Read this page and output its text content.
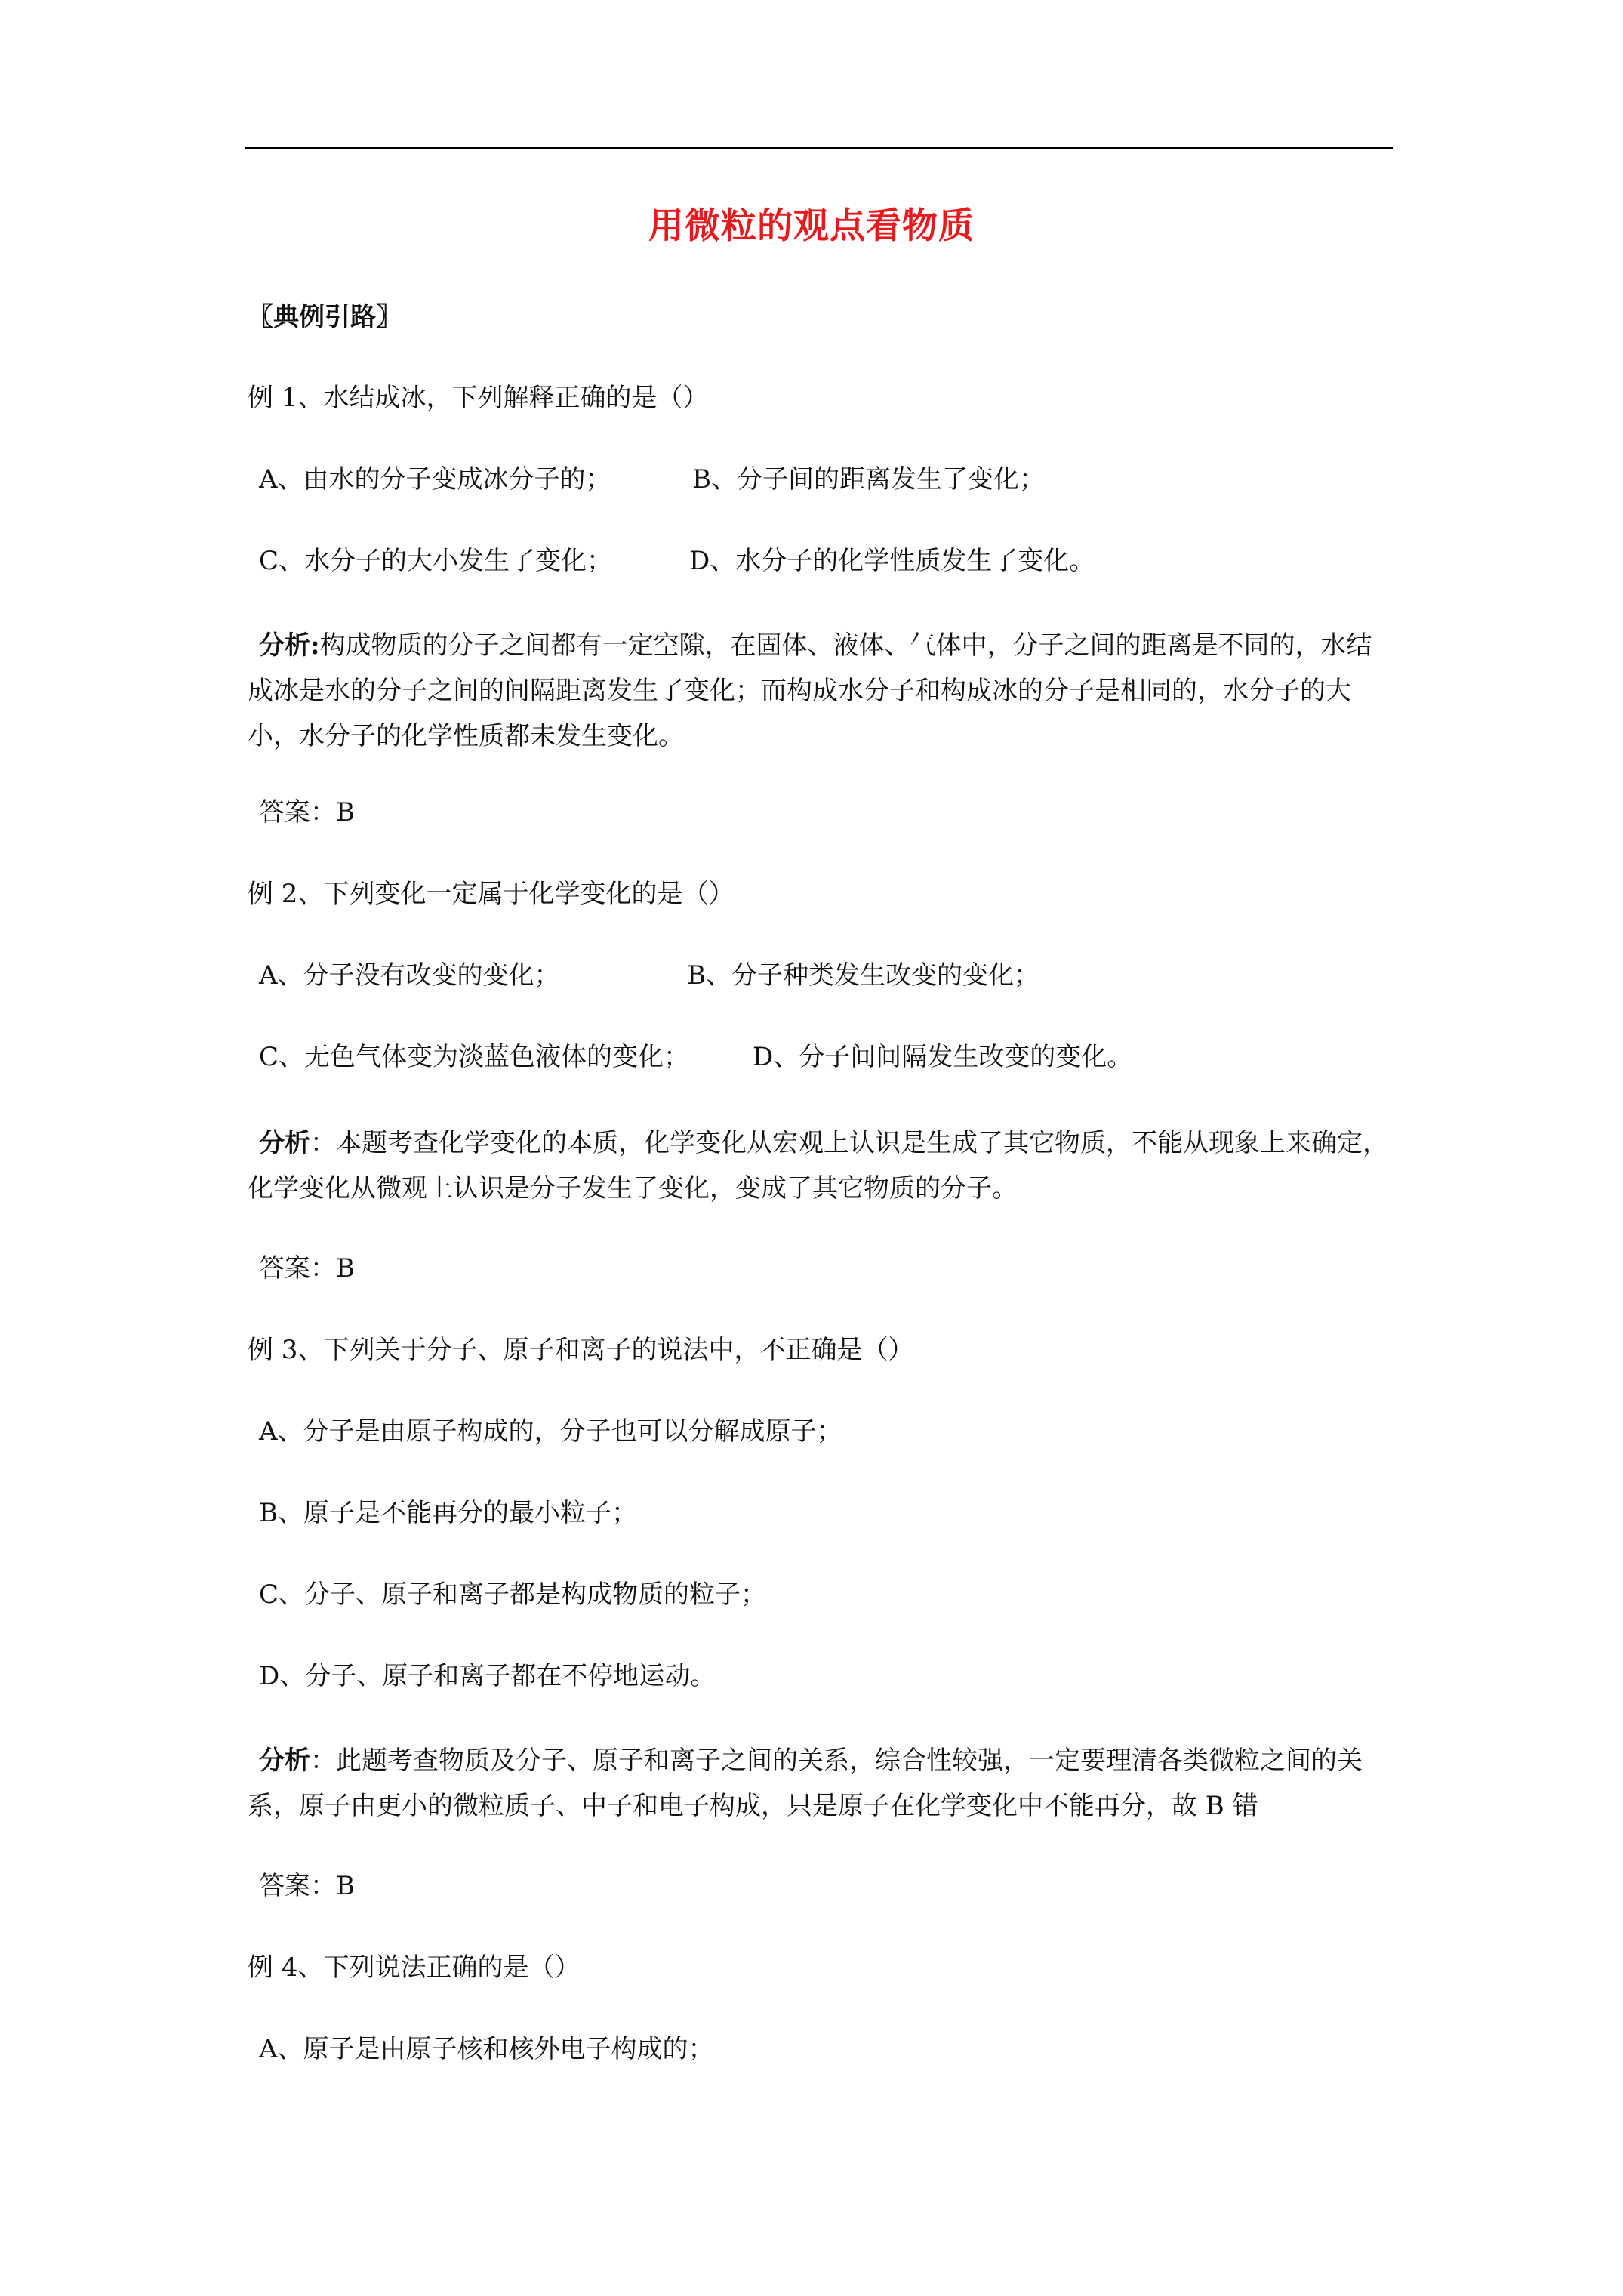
用微粒的观点看物质
〖典例引路〗
例 1、水结成冰，下列解释正确的是（）
A、由水的分子变成冰分子的；	B、分子间的距离发生了变化；
C、水分子的大小发生了变化；	D、水分子的化学性质发生了变化。
分析:构成物质的分子之间都有一定空隙，在固体、液体、气体中，分子之间的距离是不同的，水结成冰是水的分子之间的间隔距离发生了变化；而构成水分子和构成冰的分子是相同的，水分子的大小，水分子的化学性质都未发生变化。
答案：B
例 2、下列变化一定属于化学变化的是（）
A、分子没有改变的变化；	B、分子种类发生改变的变化；
C、无色气体变为淡蓝色液体的变化； D、分子间间隔发生改变的变化。
分析：本题考查化学变化的本质，化学变化从宏观上认识是生成了其它物质，不能从现象上来确定，化学变化从微观上认识是分子发生了变化，变成了其它物质的分子。
答案：B
例 3、下列关于分子、原子和离子的说法中，不正确是（）
A、分子是由原子构成的，分子也可以分解成原子；
B、原子是不能再分的最小粒子；
C、分子、原子和离子都是构成物质的粒子；
D、分子、原子和离子都在不停地运动。
分析：此题考查物质及分子、原子和离子之间的关系，综合性较强，一定要理清各类微粒之间的关系，原子由更小的微粒质子、中子和电子构成，只是原子在化学变化中不能再分，故 B 错
答案：B
例 4、下列说法正确的是（）
A、原子是由原子核和核外电子构成的；
